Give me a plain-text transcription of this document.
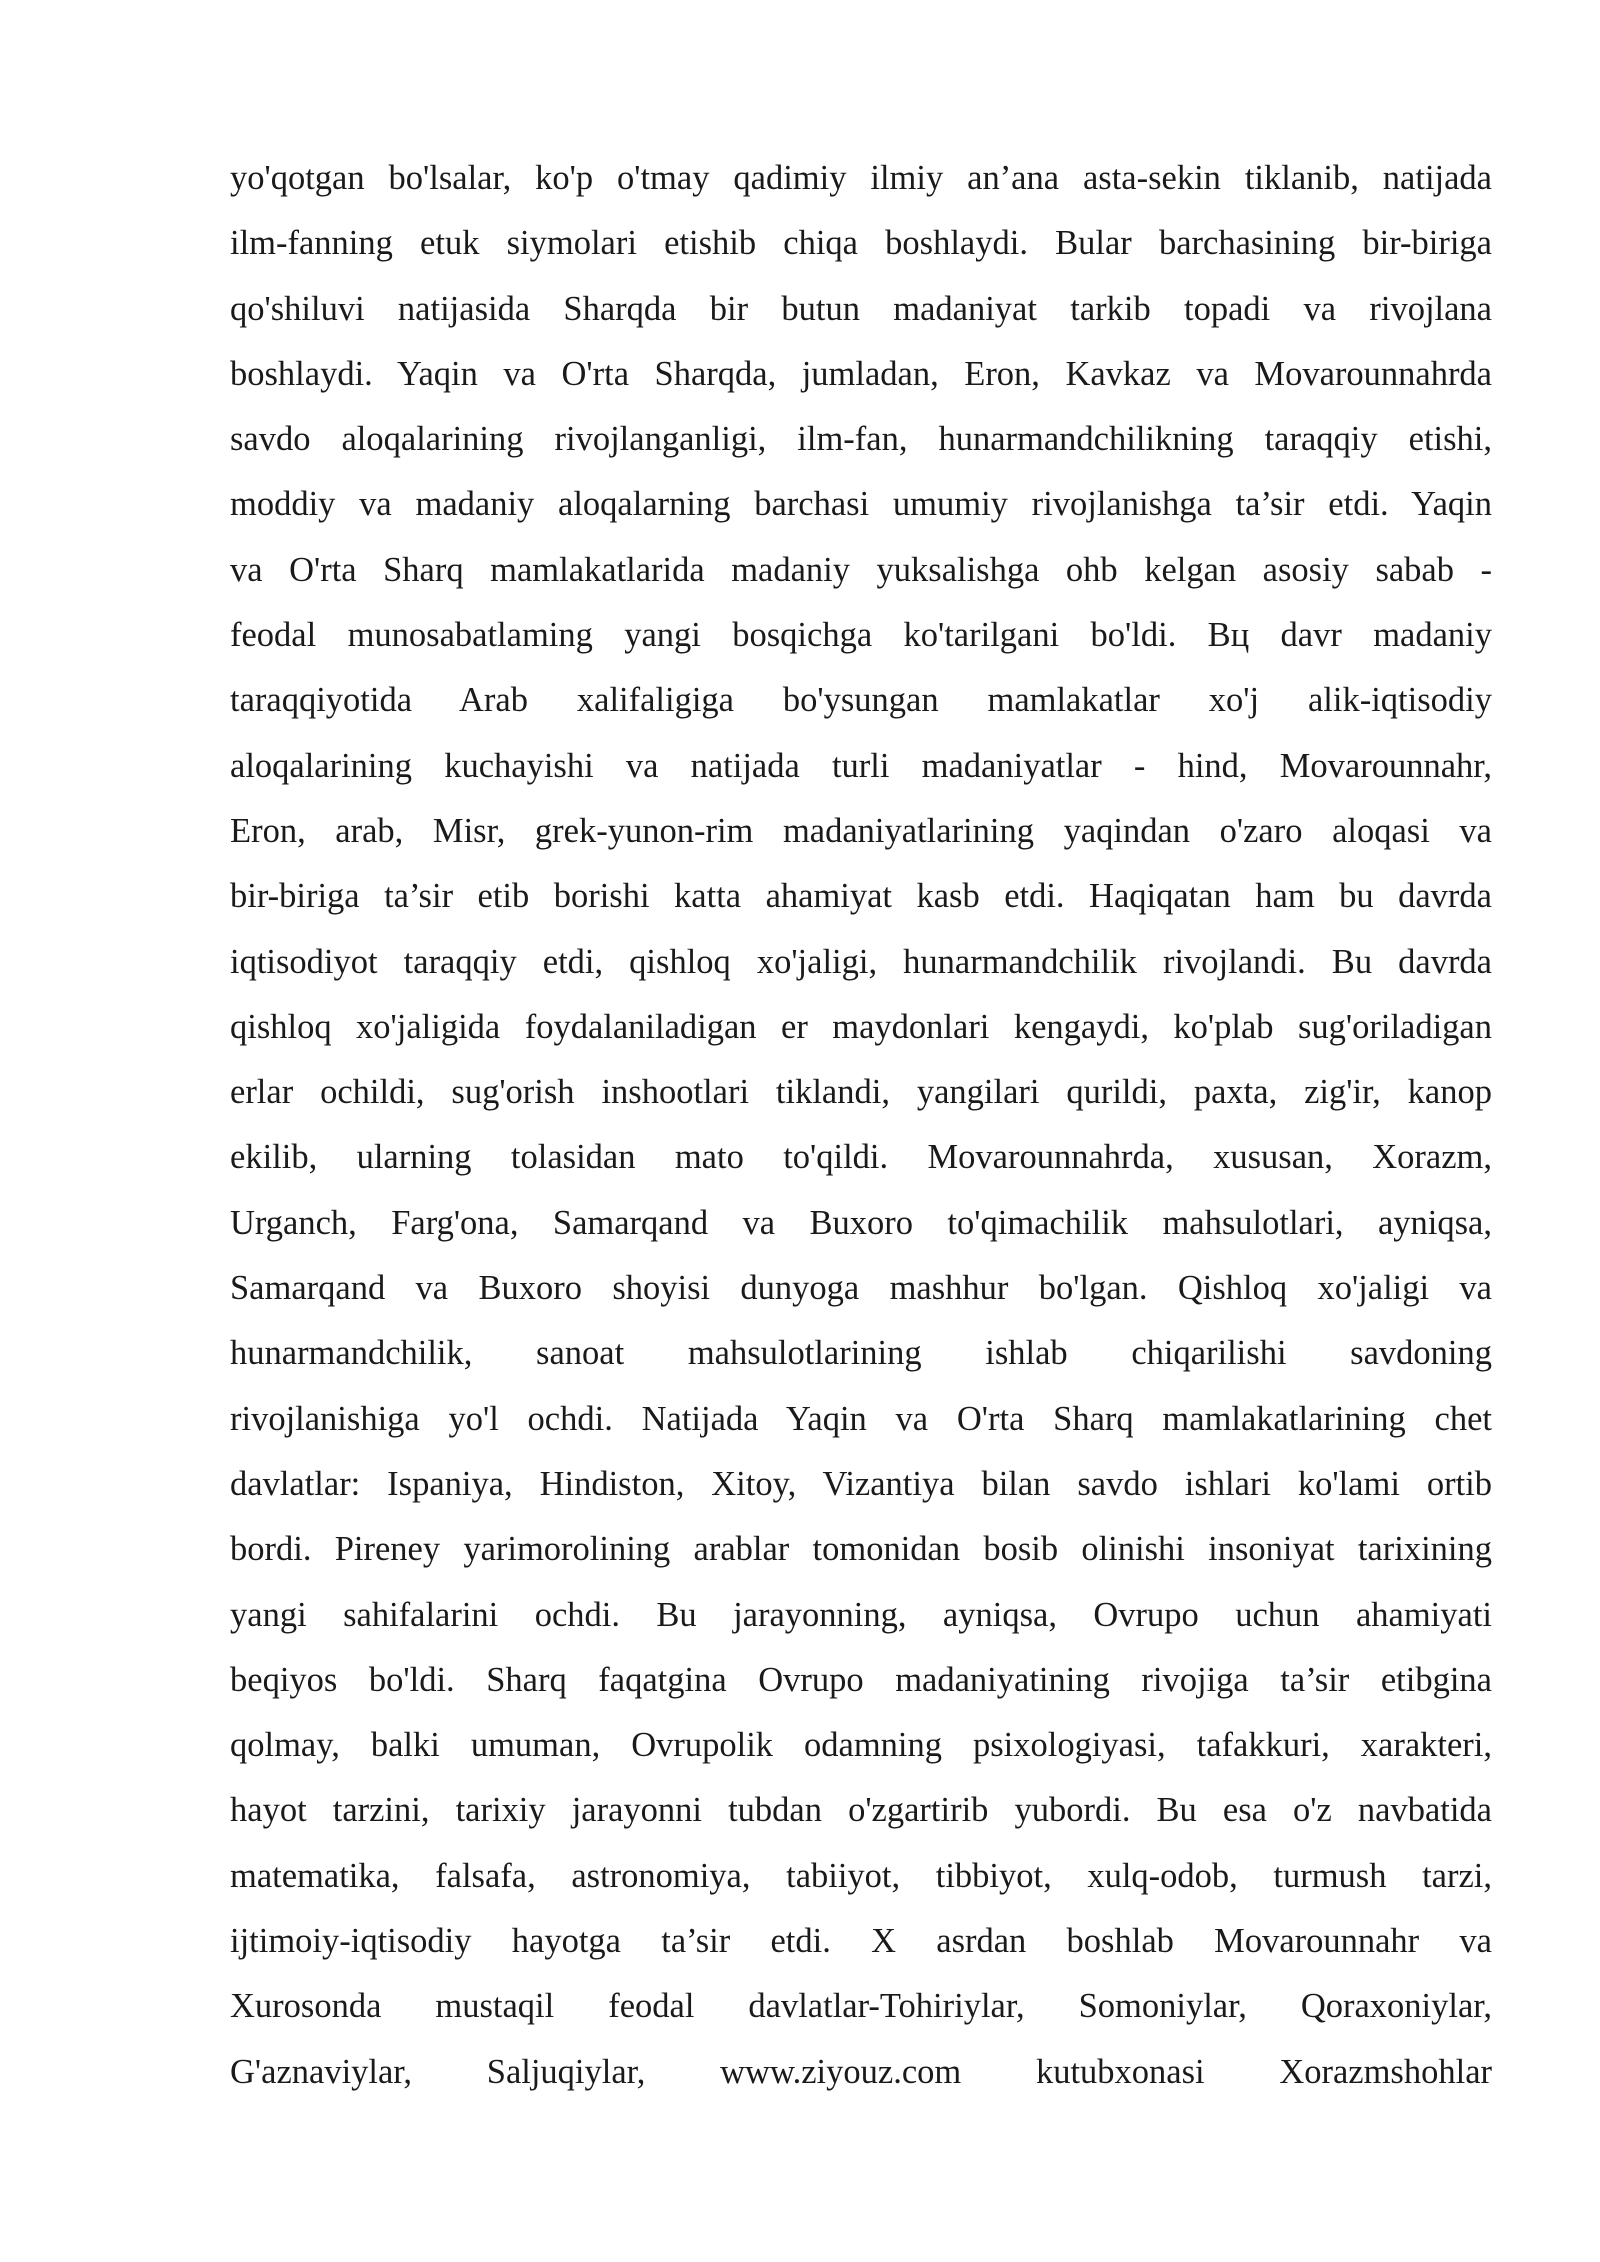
yo'qotgan bo'lsalar, ko'p o'tmay qadimiy ilmiy an’ana asta-sekin tiklanib, natijada
ilm-fanning etuk siymolari etishib chiqa boshlaydi. Bular barchasining bir-biriga
qo'shiluvi natijasida Sharqda bir butun madaniyat tarkib topadi va rivojlana
boshlaydi. Yaqin va O'rta Sharqda, jumladan, Eron, Kavkaz va Movarounnahrda
savdo aloqalarining rivojlanganligi, ilm-fan, hunarmandchilikning taraqqiy etishi,
moddiy va madaniy aloqalarning barchasi umumiy rivojlanishga ta’sir etdi. Yaqin
va O'rta Sharq mamlakatlarida madaniy yuksalishga ohb kelgan asosiy sabab -
feodal munosabatlaming yangi bosqichga ko'tarilgani bo'ldi. Вц davr madaniy
taraqqiyotida Arab xalifaligiga bo'ysungan mamlakatlar xo'j alik-iqtisodiy
aloqalarining kuchayishi va natijada turli madaniyatlar - hind, Movarounnahr,
Eron, arab, Misr, grek-yunon-rim madaniyatlarining yaqindan o'zaro aloqasi va
bir-biriga ta’sir etib borishi katta ahamiyat kasb etdi. Haqiqatan ham bu davrda
iqtisodiyot taraqqiy etdi, qishloq xo'jaligi, hunarmandchilik rivojlandi. Bu davrda
qishloq xo'jaligida foydalaniladigan er maydonlari kengaydi, ko'plab sug'oriladigan
erlar ochildi, sug'orish inshootlari tiklandi, yangilari qurildi, paxta, zig'ir, kanop
ekilib, ularning tolasidan mato to'qildi. Movarounnahrda, xususan, Xorazm,
Urganch, Farg'ona, Samarqand va Buxoro to'qimachilik mahsulotlari, ayniqsa,
Samarqand va Buxoro shoyisi dunyoga mashhur bo'lgan. Qishloq xo'jaligi va
hunarmandchilik, sanoat mahsulotlarining ishlab chiqarilishi savdoning
rivojlanishiga yo'l ochdi. Natijada Yaqin va O'rta Sharq mamlakatlarining chet
davlatlar: Ispaniya, Hindiston, Xitoy, Vizantiya bilan savdo ishlari ko'lami ortib
bordi. Pireney yarimorolining arablar tomonidan bosib olinishi insoniyat tarixining
yangi sahifalarini ochdi. Bu jarayonning, ayniqsa, Ovrupo uchun ahamiyati
beqiyos bo'ldi. Sharq faqatgina Ovrupo madaniyatining rivojiga ta’sir etibgina
qolmay, balki umuman, Ovrupolik odamning psixologiyasi, tafakkuri, xarakteri,
hayot tarzini, tarixiy jarayonni tubdan o'zgartirib yubordi. Bu esa o'z navbatida
matematika, falsafa, astronomiya, tabiiyot, tibbiyot, xulq-odob, turmush tarzi,
ijtimoiy-iqtisodiy hayotga ta’sir etdi. X asrdan boshlab Movarounnahr va
Xurosonda mustaqil feodal davlatlar-Tohiriylar, Somoniylar, Qoraxoniylar,
G'aznaviylar, Saljuqiylar, www.ziyouz.com kutubxonasi Xorazmshohlar
